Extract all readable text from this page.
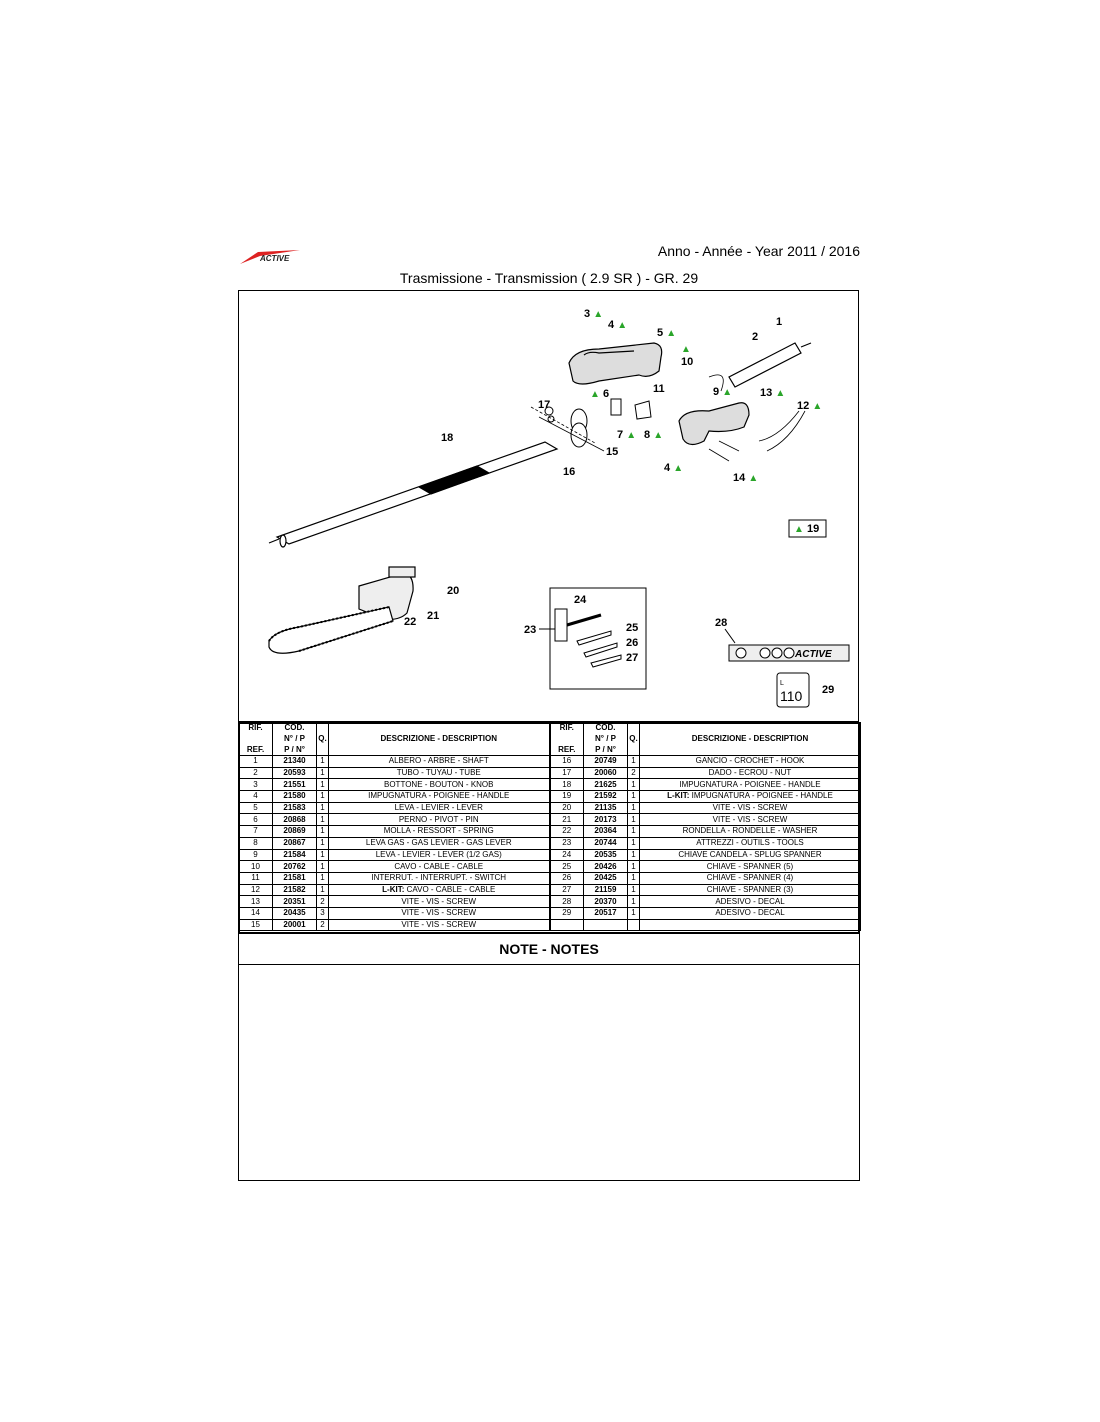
ACTIVE	Anno - Année - Year 2011 / 2016
Trasmissione - Transmission ( 2.9 SR ) - GR. 29
ACTIVE
L
110
3 ▲
4 ▲
5 ▲
1
2
▲
10
▲ 6	11	9 ▲	13 ▲
12 ▲
17
7 ▲ 8 ▲
18
15
4 ▲
16	14 ▲
▲ 19
20
21
22
23
24
25
26
27
28
29
RIF.
REF.	COD.
N° / P
P / N°	Q.	DESCRIZIONE - DESCRIPTION	RIF.
REF.	COD.
N° / P
P / N°	Q.	DESCRIZIONE - DESCRIPTION
1	21340	1	ALBERO - ARBRE - SHAFT	16	20749	1	GANCIO - CROCHET - HOOK
2	20593	1	TUBO - TUYAU - TUBE	17	20060	2	DADO - ECROU - NUT
3	21551	1	BOTTONE - BOUTON - KNOB	18	21625	1	IMPUGNATURA - POIGNEE - HANDLE
4	21580	1	IMPUGNATURA - POIGNEE - HANDLE	19	21592	1	L-KIT: IMPUGNATURA - POIGNEE - HANDLE
5	21583	1	LEVA - LEVIER - LEVER	20	21135	1	VITE - VIS - SCREW
6	20868	1	PERNO - PIVOT - PIN	21	20173	1	VITE - VIS - SCREW
7	20869	1	MOLLA - RESSORT - SPRING	22	20364	1	RONDELLA - RONDELLE - WASHER
8	20867	1	LEVA GAS - GAS LEVIER - GAS LEVER	23	20744	1	ATTREZZI - OUTILS - TOOLS
9	21584	1	LEVA - LEVIER - LEVER (1/2 GAS)	24	20535	1	CHIAVE CANDELA - SPLUG SPANNER
10	20762	1	CAVO - CABLE - CABLE	25	20426	1	CHIAVE - SPANNER (5)
11	21581	1	INTERRUT. - INTERRUPT. - SWITCH	26	20425	1	CHIAVE - SPANNER (4)
12	21582	1	L-KIT: CAVO - CABLE - CABLE	27	21159	1	CHIAVE - SPANNER (3)
13	20351	2	VITE - VIS - SCREW	28	20370	1	ADESIVO - DECAL
14	20435	3	VITE - VIS - SCREW	29	20517	1	ADESIVO - DECAL
15	20001	2	VITE - VIS - SCREW				
NOTE - NOTES
